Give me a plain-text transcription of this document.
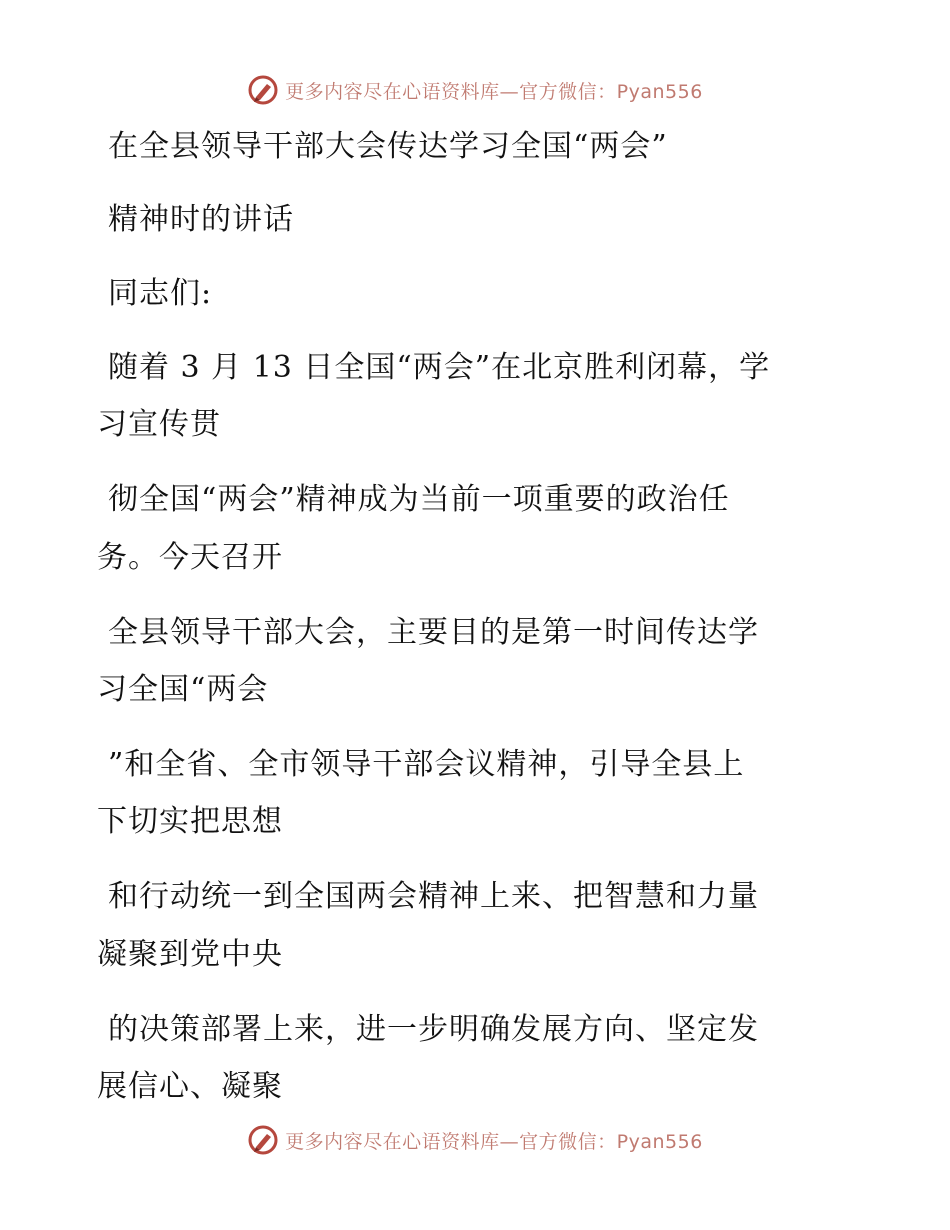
更多内容尽在心语资料库—官方微信：Pyan556
在全县领导干部大会传达学习全国“两会”
精神时的讲话
同志们:
随着 3 月 13 日全国“两会”在北京胜利闭幕，学
习宣传贯
彻全国“两会”精神成为当前一项重要的政治任
务。今天召开
全县领导干部大会，主要目的是第一时间传达学
习全国“两会
”和全省、全市领导干部会议精神，引导全县上
下切实把思想
和行动统一到全国两会精神上来、把智慧和力量
凝聚到党中央
的决策部署上来，进一步明确发展方向、坚定发
展信心、凝聚
更多内容尽在心语资料库—官方微信：Pyan556
